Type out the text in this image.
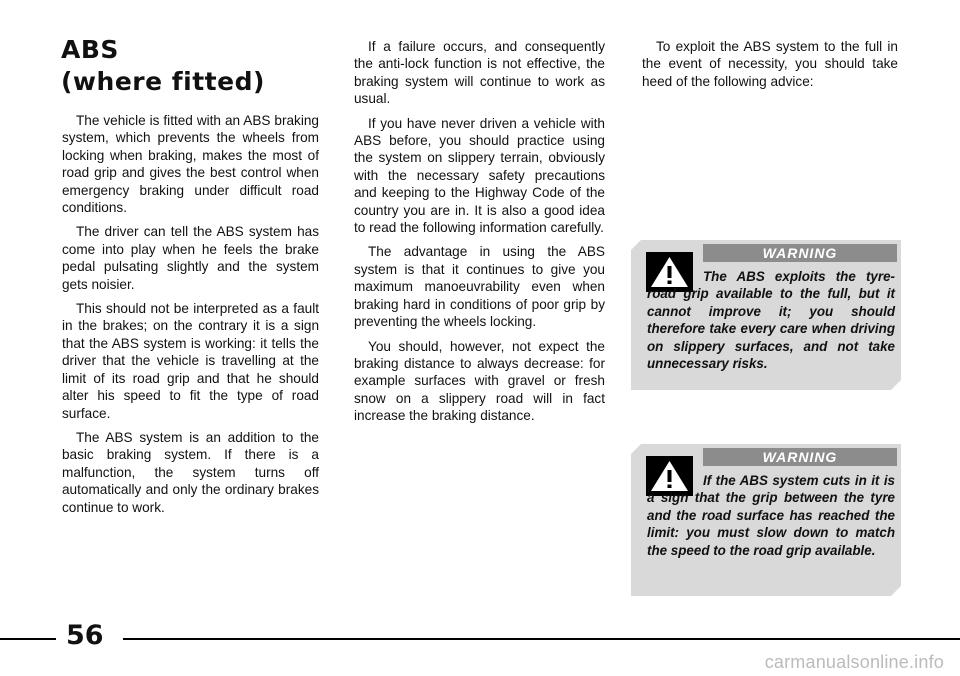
ABS
(where fitted)

The vehicle is fitted with an ABS braking system, which prevents the wheels from locking when braking, makes the most of road grip and gives the best control when emergency braking under difficult road conditions.

The driver can tell the ABS system has come into play when he feels the brake pedal pulsating slightly and the system gets noisier.

This should not be interpreted as a fault in the brakes; on the contrary it is a sign that the ABS system is working: it tells the driver that the vehicle is travelling at the limit of its road grip and that he should alter his speed to fit the type of road surface.

The ABS system is an addition to the basic braking system. If there is a malfunction, the system turns off automatically and only the ordinary brakes continue to work.

If a failure occurs, and consequently the anti-lock function is not effective, the braking system will continue to work as usual.

If you have never driven a vehicle with ABS before, you should practice using the system on slippery terrain, obviously with the necessary safety precautions and keeping to the Highway Code of the country you are in. It is also a good idea to read the following information carefully.

The advantage in using the ABS system is that it continues to give you maximum manoeuvrability even when braking hard in conditions of poor grip by preventing the wheels locking.

You should, however, not expect the braking distance to always decrease: for example surfaces with gravel or fresh snow on a slippery road will in fact increase the braking distance.

To exploit the ABS system to the full in the event of necessity, you should take heed of the following advice:

WARNING
The ABS exploits the tyre-road grip available to the full, but it cannot improve it; you should therefore take every care when driving on slippery surfaces, and not take unnecessary risks.
WARNING
If the ABS system cuts in it is a sign that the grip between the tyre and the road surface has reached the limit: you must slow down to match the speed to the road grip available.
56
carmanualsonline.info
